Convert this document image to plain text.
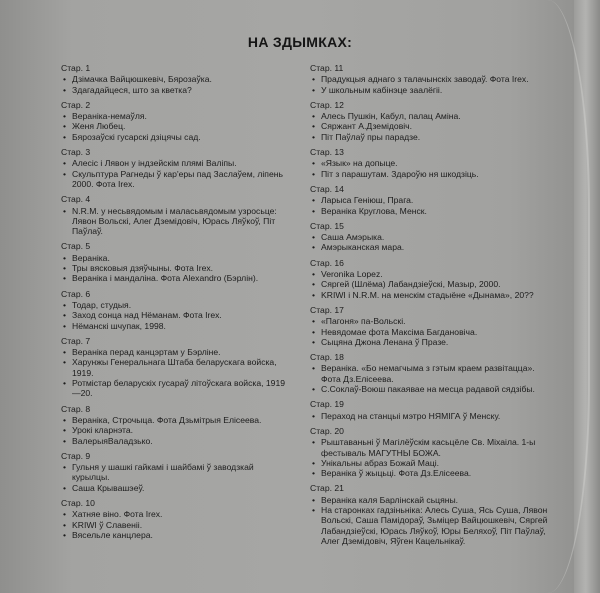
НА ЗДЫМКАХ:
Стар. 1
• Дзімачка Вайцюшкевіч, Бярозаўка.
• Здагадайцеся, што за кветка?
Стар. 2
• Вераніка-немаўля.
• Женя Любец.
• Бярозаўскі гусарскі дзіцячы сад.
Стар. 3
• Алесіс і Лявон у індзейскім плямі Валіпы.
• Скульптура Рагнеды ў кар'еры пад Заслаўем, ліпень 2000. Фота Irex.
Стар. 4
• N.R.M. у несьвядомым і маласьвядомым узросьце: Лявон Вольскі, Алег Дземідовіч, Юрась Ляўкоў, Піт Паўлаў.
Стар. 5
• Вераніка.
• Тры вясковыя дзяўчыны. Фота Irex.
• Вераніка і мандаліна. Фота Alexandro (Бэрлін).
Стар. 6
• Тодар, студыя.
• Заход сонца над Нёманам. Фота Irex.
• Нёманскі шчупак, 1998.
Стар. 7
• Вераніка перад канцэртам у Бэрліне.
• Харунжы Генеральнага Штаба беларускага войска, 1919.
• Ротмістар беларускіх гусараў літоўскага войска, 1919—20.
Стар. 8
• Вераніка, Строчыца. Фота Дзьмітрыя Елісеева.
• Урокі кларнэта.
• ВалерыяВаладзько.
Стар. 9
• Гульня у шашкі гайкамі і шайбамі ў заводзкай курылцы.
• Саша Крывашэеў.
Стар. 10
• Хатняе віно. Фота Irex.
• KRIWI ў Славеніі.
• Вясельле канцлера.
Стар. 11
• Прадукцыя аднаго з талачынскіх заводаў. Фота Irex.
• У школьным кабінэце заалёгіі.
Стар. 12
• Алесь Пушкін, Кабул, палац Аміна.
• Сяржант А.Дземідовіч.
• Піт Паўлаў пры парадзе.
Стар. 13
• «Язык» на допыце.
• Піт з парашутам. Здароўю ня шкодзіць.
Стар. 14
• Ларыса Геніюш, Прага.
• Вераніка Круглова, Менск.
Стар. 15
• Саша Амэрыка.
• Амэрыканская мара.
Стар. 16
• Veronika Lopez.
• Сяргей (Шлёма) Лабандзіеўскі, Мазыр, 2000.
• KRIWI і N.R.M. на менскім стадыёне «Дынама», 20??
Стар. 17
• «Пагоня» па-Вольскі.
• Невядомае фота Максіма Багдановіча.
• Сыцяна Джона Ленана ў Празе.
Стар. 18
• Вераніка. «Бо немагчыма з гэтым краем развітацца». Фота Дз.Елісеева.
• С.Соклаў-Воюш пакаявае на месца радавой сядзібы.
Стар. 19
• Пераход на станцыі мэтро НЯМІГА ў Менску.
Стар. 20
• Рыштаваньні ў Магілёўскім касьцёле Св. Міхаіла. 1-ы фестываль МАГУТНЫ БОЖА.
• Унікальны абраз Божай Маці.
• Вераніка ў жыцьці. Фота Дз.Елісеева.
Стар. 21
• Вераніка каля Барлінскай сьцяны.
• На старонках гадзіньніка: Алесь Суша, Ясь Суша, Лявон Вольскі, Саша Памідораў, Зьміцер Вайцюшкевіч, Сяргей Лабандзіеўскі, Юрась Ляўкоў, Юры Беляхоў, Піт Паўлаў, Алег Дземідовіч, Яўген Кацельнікаў.
